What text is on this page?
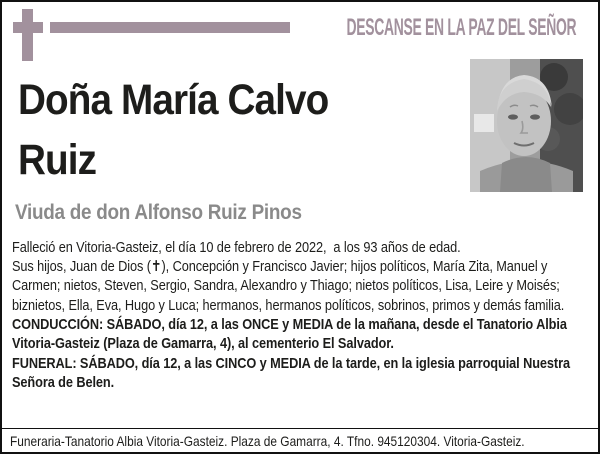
DESCANSE EN LA PAZ DEL SEÑOR
Doña María Calvo Ruiz
Viuda de don Alfonso Ruiz Pinos

Falleció en Vitoria-Gasteiz, el día 10 de febrero de 2022,  a los 93 años de edad.

Sus hijos, Juan de Dios (✝), Concepción y Francisco Javier; hijos políticos, María Zita, Manuel y Carmen; nietos, Steven, Sergio, Sandra, Alexandro y Thiago; nietos políticos, Lisa, Leire y Moisés; biznietos, Ella, Eva, Hugo y Luca; hermanos, hermanos políticos, sobrinos, primos y demás familia.

CONDUCCIÓN: SÁBADO, día 12, a las ONCE y MEDIA de la mañana, desde el Tanatorio Albia Vitoria-Gasteiz (Plaza de Gamarra, 4), al cementerio El Salvador.

FUNERAL: SÁBADO, día 12, a las CINCO y MEDIA de la tarde, en la iglesia parroquial Nuestra Señora de Belen.

Funeraria-Tanatorio Albia Vitoria-Gasteiz. Plaza de Gamarra, 4. Tfno. 945120304. Vitoria-Gasteiz.
